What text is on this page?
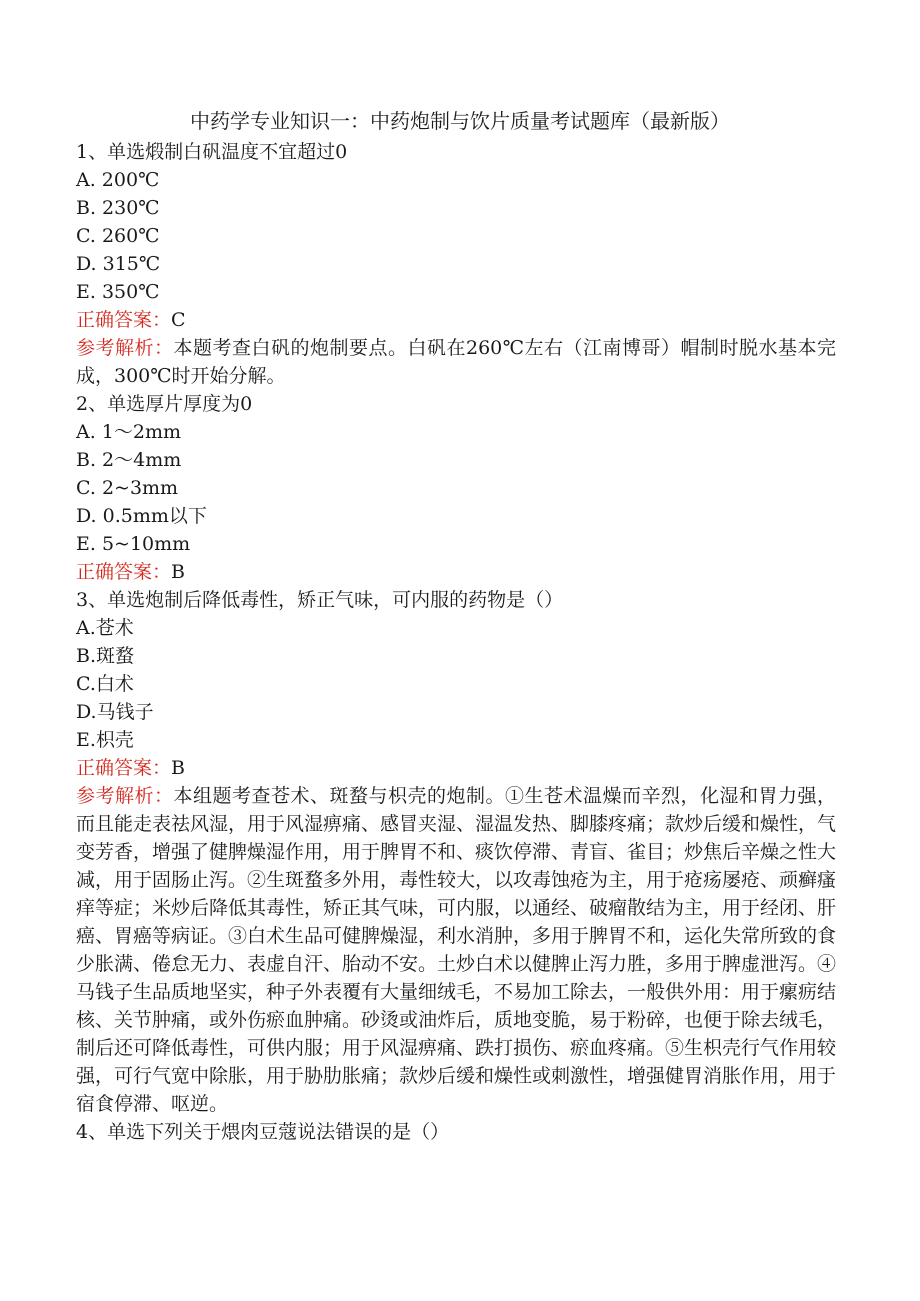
中药学专业知识一：中药炮制与饮片质量考试题库（最新版）
1、单选煅制白矾温度不宜超过0
A. 200℃
B. 230℃
C. 260℃
D. 315℃
E. 350℃
正确答案：C
参考解析：本题考查白矾的炮制要点。白矾在260℃左右（江南博哥）帽制时脱水基本完成，300℃时开始分解。
2、单选厚片厚度为0
A. 1～2mm
B. 2～4mm
C. 2~3mm
D. 0.5mm以下
E. 5~10mm
正确答案：B
3、单选炮制后降低毒性，矫正气味，可内服的药物是（）
A.苍术
B.斑蝥
C.白术
D.马钱子
E.枳壳
正确答案：B
参考解析：本组题考查苍术、斑蝥与枳壳的炮制。①生苍术温燥而辛烈，化湿和胃力强，而且能走表祛风湿，用于风湿痹痛、感冒夹湿、湿温发热、脚膝疼痛；款炒后缓和燥性，气变芳香，增强了健脾燥湿作用，用于脾胃不和、痰饮停滞、青盲、雀目；炒焦后辛燥之性大减，用于固肠止泻。②生斑蝥多外用，毒性较大，以攻毒蚀疮为主，用于疮疡屡疮、顽癣瘙痒等症；米炒后降低其毒性，矫正其气味，可内服，以通经、破瘤散结为主，用于经闭、肝癌、胃癌等病证。③白术生品可健脾燥湿，利水消肿，多用于脾胃不和，运化失常所致的食少胀满、倦怠无力、表虚自汗、胎动不安。土炒白术以健脾止泻力胜，多用于脾虚泄泻。④马钱子生品质地坚实，种子外表覆有大量细绒毛，不易加工除去，一般供外用：用于瘰疬结核、关节肿痛，或外伤瘀血肿痛。砂烫或油炸后，质地变脆，易于粉碎，也便于除去绒毛，制后还可降低毒性，可供内服；用于风湿痹痛、跌打损伤、瘀血疼痛。⑤生枳壳行气作用较强，可行气宽中除胀，用于胁肋胀痛；款炒后缓和燥性或刺激性，增强健胃消胀作用，用于宿食停滞、呕逆。
4、单选下列关于煨肉豆蔻说法错误的是（）
